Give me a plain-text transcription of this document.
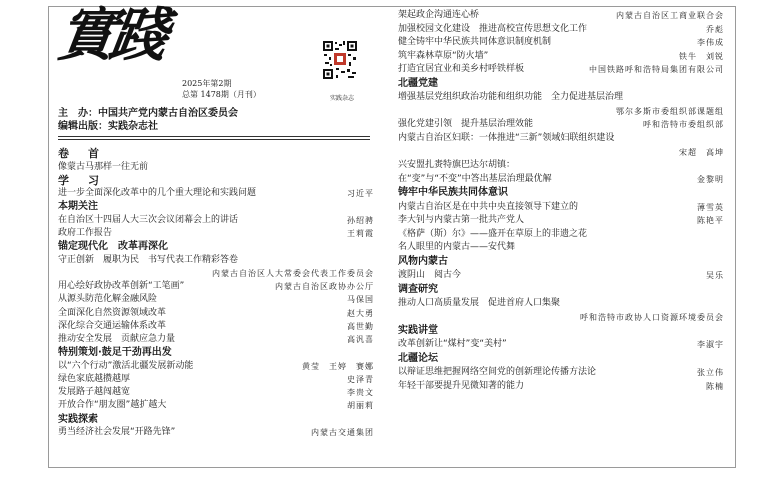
實踐
2025年第2期
总第 1478期（月刊）	实践杂志
主　办：中国共产党内蒙古自治区委员会
编辑出版：实践杂志社
卷　首
像蒙古马那样一往无前
学　习
进一步全面深化改革中的几个重大理论和实践问题	习近平
本期关注
在自治区十四届人大三次会议闭幕会上的讲话	孙绍骋
政府工作报告	王莉霞
锚定现代化　改革再深化
守正创新　履职为民　书写代表工作精彩答卷
内蒙古自治区人大常委会代表工作委员会
用心绘好政协改革创新“工笔画”	内蒙古自治区政协办公厅
从源头防范化解金融风险	马保国
全面深化自然资源领域改革	赵大勇
深化综合交通运输体系改革	高世勤
推动安全发展　贡献应急力量	高汎喜
特别策划·鼓足干劲再出发
以“六个行动”激活北疆发展新动能	黄莹　王婷　赛娜
绿色家底越攒越厚	史泽青
发展路子越闯越宽	李贵文
开放合作“朋友圈”越扩越大	胡丽莉
实践探索
勇当经济社会发展“开路先锋”	内蒙古交通集团
架起政企沟通连心桥	内蒙古自治区工商业联合会
加强校园文化建设　推进高校宣传思想文化工作	乔彪
健全铸牢中华民族共同体意识制度机制	李伟成
筑牢森林草原“防火墙”	铁牛　刘锐
打造宜居宜业和美乡村呼铁样板	中国铁路呼和浩特局集团有限公司
北疆党建
增强基层党组织政治功能和组织功能　全力促进基层治理
鄂尔多斯市委组织部课题组
强化党建引领　提升基层治理效能	呼和浩特市委组织部
内蒙古自治区妇联：一体推进“三新”领域妇联组织建设
宋超　高坤
兴安盟扎赉特旗巴达尔胡镇：
在“变”与“不变”中答出基层治理最优解	金黎明
铸牢中华民族共同体意识
内蒙古自治区是在中共中央直接领导下建立的	薄雪英
李大钊与内蒙古第一批共产党人	陈艳平
《格萨（斯）尔》——盛开在草原上的非遗之花
名人眼里的内蒙古——安代舞
风物内蒙古
渡阴山　阅古今	吴乐
调查研究
推动人口高质量发展　促进首府人口集聚
呼和浩特市政协人口资源环境委员会
实践讲堂
改革创新让“煤村”变“美村”	李淑宇
北疆论坛
以辩证思维把握网络空间党的创新理论传播方法论	张立伟
年轻干部要提升见微知著的能力	陈楠
